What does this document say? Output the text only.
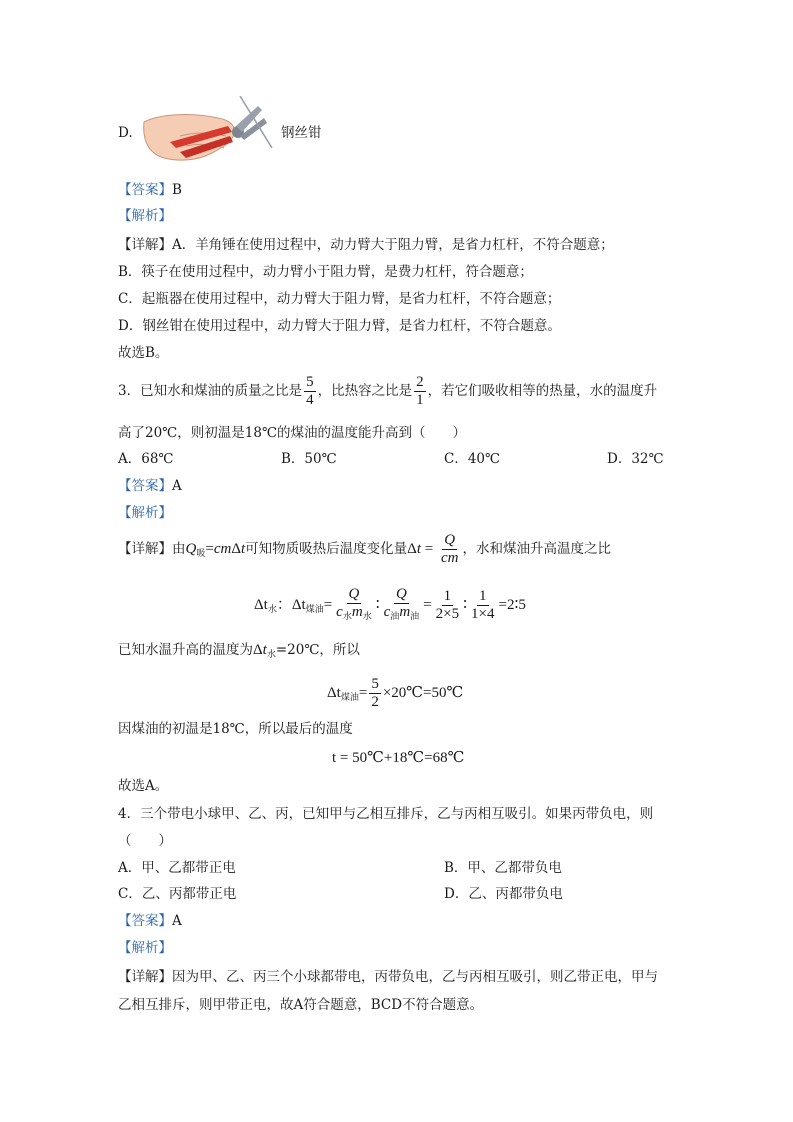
D.	钢丝钳
【答案】B
【解析】
【详解】A．羊角锤在使用过程中，动力臂大于阻力臂，是省力杠杆，不符合题意；
B．筷子在使用过程中，动力臂小于阻力臂，是费力杠杆，符合题意；
C．起瓶器在使用过程中，动力臂大于阻力臂，是省力杠杆，不符合题意；
D．钢丝钳在使用过程中，动力臂大于阻力臂，是省力杠杆，不符合题意。
故选B。
3．已知水和煤油的质量之比是 $\frac{5}{4}$ ，比热容之比是 $\frac{2}{1}$ ，若它们吸收相等的热量，水的温度升
高了20℃，则初温是18℃的煤油的温度能升高到（　　）
A．68℃	B．50℃	C．40℃	D．32℃
【答案】A
【解析】
【详解】由$Q_吸=cm\Delta t$可知物质吸热后温度变化量$\Delta t = \frac{Q}{cm}$ ，水和煤油升高温度之比
$\Delta t_水$：$\Delta t_{煤油}= \frac{Q}{c_水m_水}$ ∶ $\frac{Q}{c_油m_油} = \frac{1}{2\times 5}$ ∶ $\frac{1}{1\times 4}$ =2∶5
已知水温升高的温度为$\Delta t_水=20℃$，所以
$\Delta t_{煤油}= \frac{5}{2}$ ×20℃=50℃
因煤油的初温是18℃，所以最后的温度
t = 50℃+18℃=68℃
故选A。
4．三个带电小球甲、乙、丙，已知甲与乙相互排斥，乙与丙相互吸引。如果丙带负电，则
（　　）
A．甲、乙都带正电	B．甲、乙都带负电
C．乙、丙都带正电	D．乙、丙都带负电
【答案】A
【解析】
【详解】因为甲、乙、丙三个小球都带电，丙带负电，乙与丙相互吸引，则乙带正电，甲与
乙相互排斥，则甲带正电，故A符合题意，BCD不符合题意。
